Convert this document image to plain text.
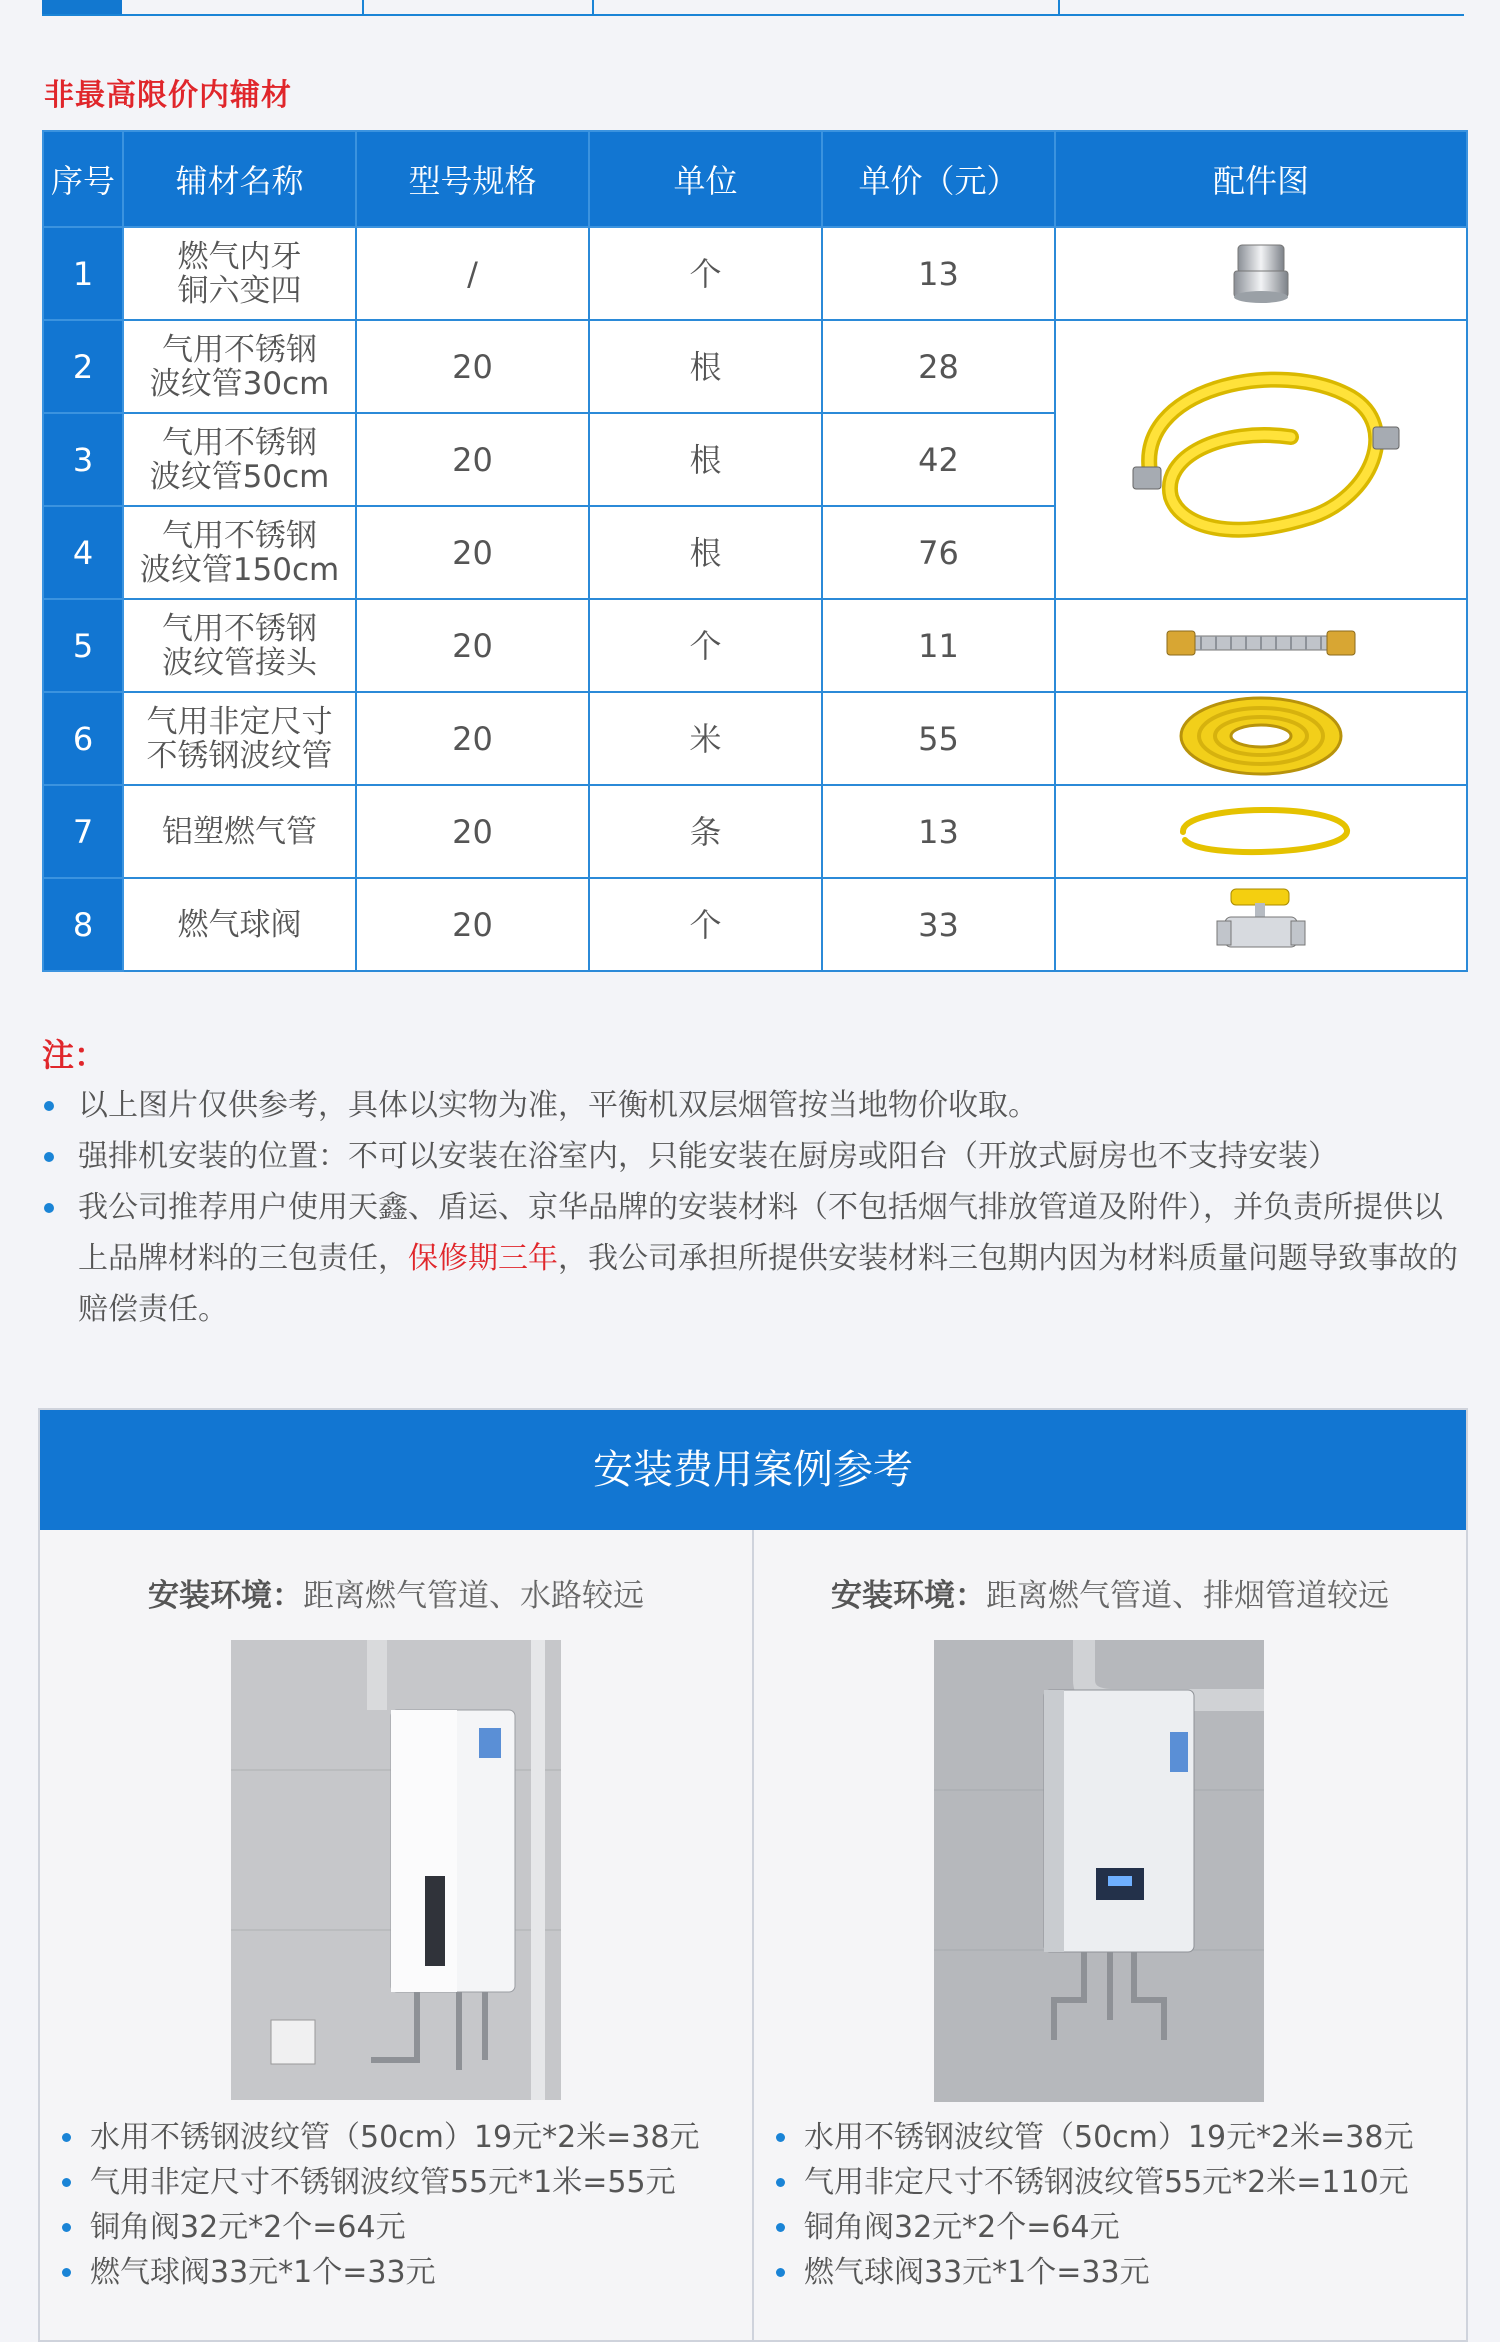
非最高限价内辅材
序号	辅材名称	型号规格	单位	单价（元）	配件图
1	燃气内牙
铜六变四	/	个	13	
2	气用不锈钢
波纹管30cm	20	根	28	
3	气用不锈钢
波纹管50cm	20	根	42	
4	气用不锈钢
波纹管150cm	20	根	76	
5	气用不锈钢
波纹管接头	20	个	11	
6	气用非定尺寸
不锈钢波纹管	20	米	55	
7	铝塑燃气管	20	条	13	
8	燃气球阀	20	个	33	
注：
以上图片仅供参考，具体以实物为准，平衡机双层烟管按当地物价收取。
强排机安装的位置：不可以安装在浴室内，只能安装在厨房或阳台（开放式厨房也不支持安装）
我公司推荐用户使用天鑫、盾运、京华品牌的安装材料（不包括烟气排放管道及附件），并负责所提供以上品牌材料的三包责任，保修期三年，我公司承担所提供安装材料三包期内因为材料质量问题导致事故的赔偿责任。
安装费用案例参考
安装环境：距离燃气管道、水路较远
水用不锈钢波纹管（50cm）19元*2米=38元
气用非定尺寸不锈钢波纹管55元*1米=55元
铜角阀32元*2个=64元
燃气球阀33元*1个=33元
安装环境：距离燃气管道、排烟管道较远
水用不锈钢波纹管（50cm）19元*2米=38元
气用非定尺寸不锈钢波纹管55元*2米=110元
铜角阀32元*2个=64元
燃气球阀33元*1个=33元
